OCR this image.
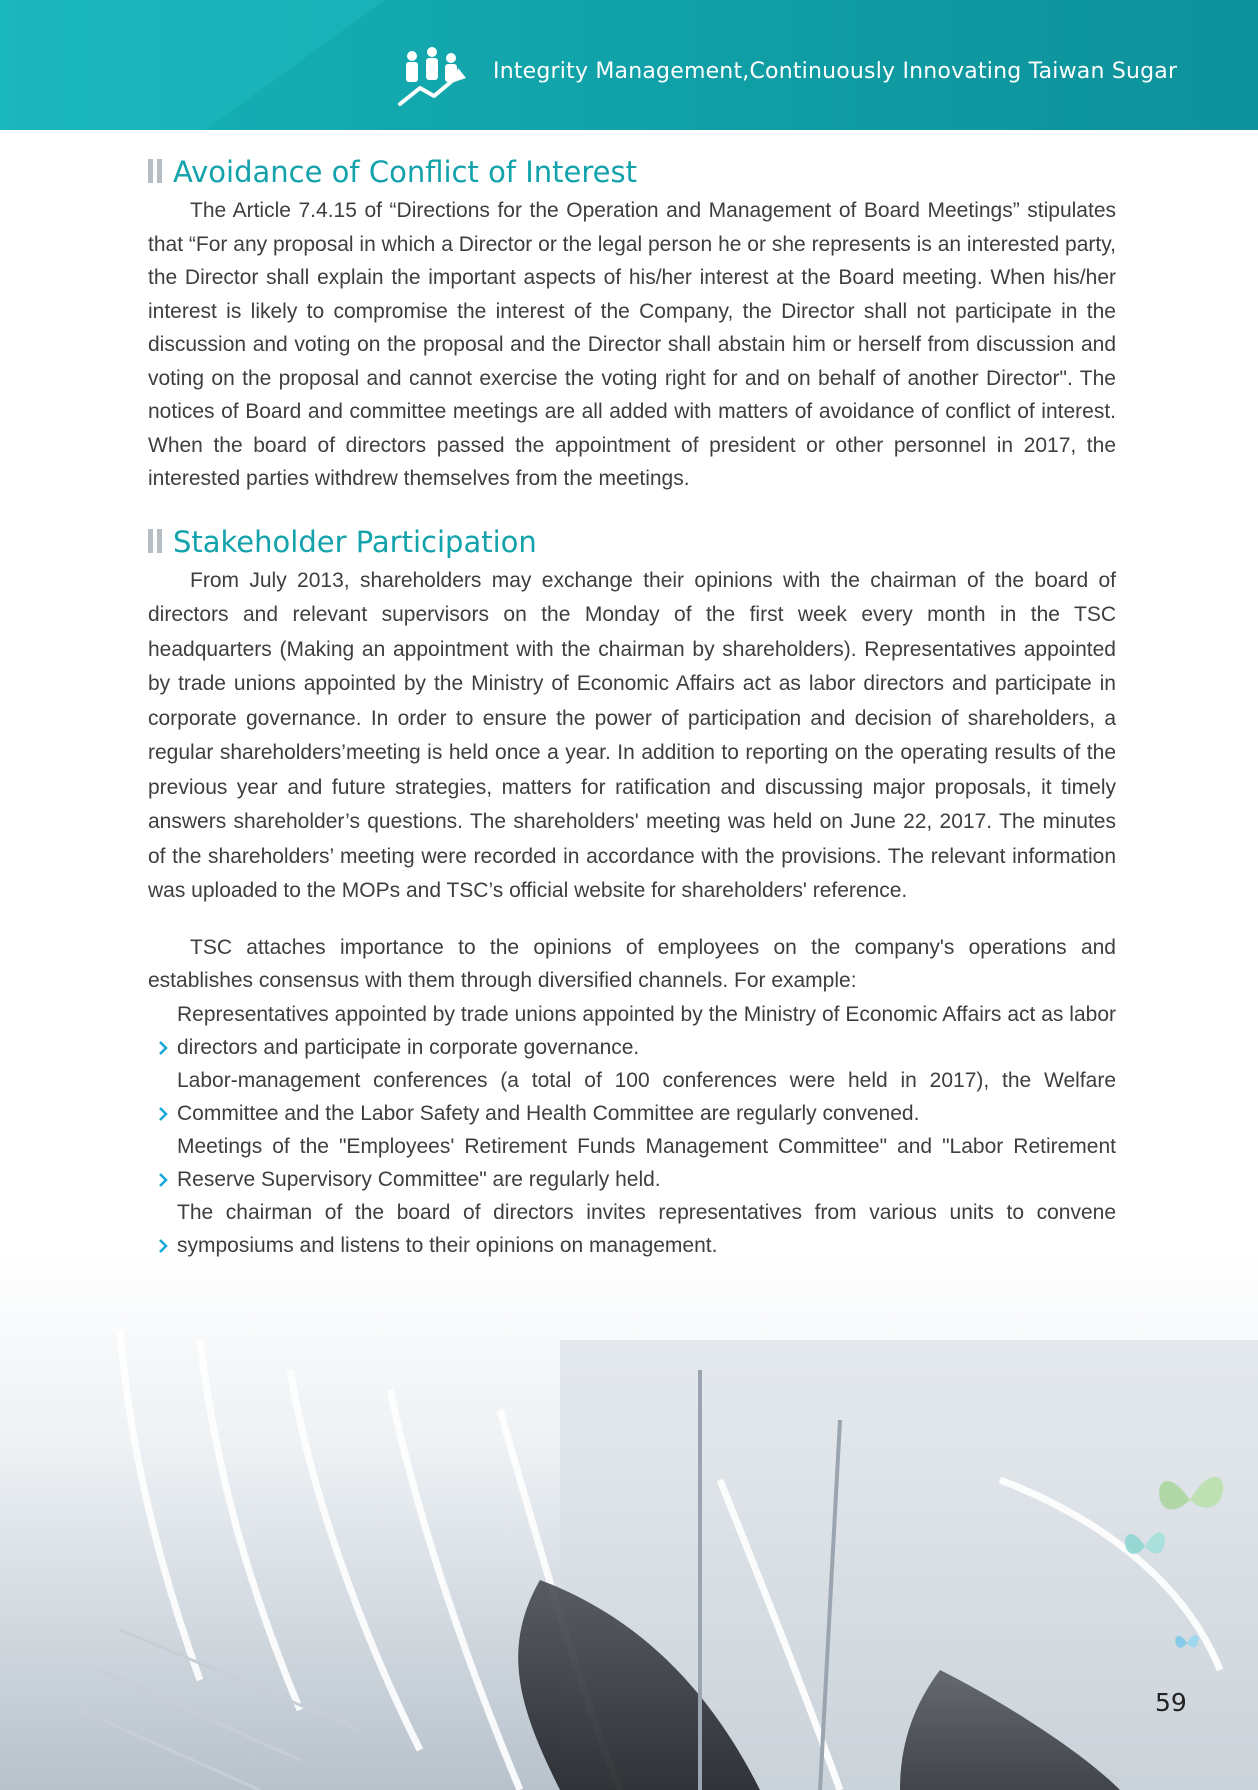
Integrity Management,Continuously Innovating Taiwan Sugar
Avoidance of Conflict of Interest

The Article 7.4.15 of “Directions for the Operation and Management of Board Meetings” stipulates that “For any proposal in which a Director or the legal person he or she represents is an interested party, the Director shall explain the important aspects of his/her interest at the Board meeting. When his/her interest is likely to compromise the interest of the Company, the Director shall not participate in the discussion and voting on the proposal and the Director shall abstain him or herself from discussion and voting on the proposal and cannot exercise the voting right for and on behalf of another Director". The notices of Board and committee meetings are all added with matters of avoidance of conflict of interest. When the board of directors passed the appointment of president or other personnel in 2017, the interested parties withdrew themselves from the meetings.

Stakeholder Participation

From July 2013, shareholders may exchange their opinions with the chairman of the board of directors and relevant supervisors on the Monday of the first week every month in the TSC headquarters (Making an appointment with the chairman by shareholders). Representatives appointed by trade unions appointed by the Ministry of Economic Affairs act as labor directors and participate in corporate governance. In order to ensure the power of participation and decision of shareholders, a regular shareholders’meeting is held once a year. In addition to reporting on the operating results of the previous year and future strategies, matters for ratification and discussing major proposals, it timely answers shareholder’s questions. The shareholders' meeting was held on June 22, 2017. The minutes of the shareholders’ meeting were recorded in accordance with the provisions. The relevant information was uploaded to the MOPs and TSC’s official website for shareholders' reference.

TSC attaches importance to the opinions of employees on the company's operations and establishes consensus with them through diversified channels. For example:

Representatives appointed by trade unions appointed by the Ministry of Economic Affairs act as labor directors and participate in corporate governance.
Labor-management conferences (a total of 100 conferences were held in 2017), the Welfare Committee and the Labor Safety and Health Committee are regularly convened.
Meetings of the "Employees' Retirement Funds Management Committee" and "Labor Retirement Reserve Supervisory Committee" are regularly held.
The chairman of the board of directors invites representatives from various units to convene symposiums and listens to their opinions on management.
59
